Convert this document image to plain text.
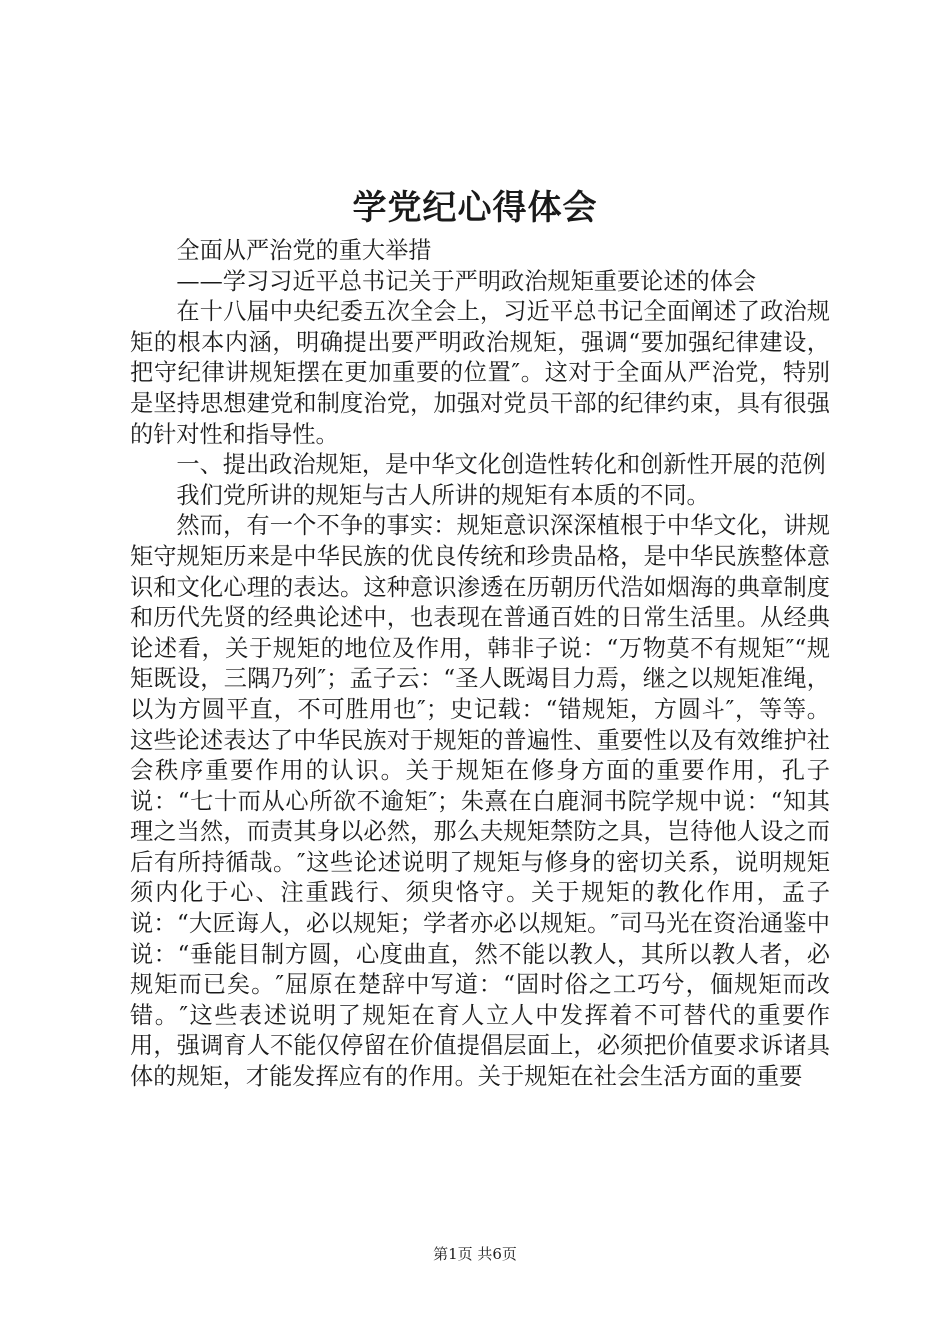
学党纪心得体会

全面从严治党的重大举措

——学习习近平总书记关于严明政治规矩重要论述的体会

在十八届中央纪委五次全会上，习近平总书记全面阐述了政治规矩的根本内涵，明确提出要严明政治规矩，强调“要加强纪律建设，把守纪律讲规矩摆在更加重要的位置″。这对于全面从严治党，特别是坚持思想建党和制度治党，加强对党员干部的纪律约束，具有很强的针对性和指导性。

一、提出政治规矩，是中华文化创造性转化和创新性开展的范例

我们党所讲的规矩与古人所讲的规矩有本质的不同。

然而，有一个不争的事实：规矩意识深深植根于中华文化，讲规矩守规矩历来是中华民族的优良传统和珍贵品格，是中华民族整体意识和文化心理的表达。这种意识渗透在历朝历代浩如烟海的典章制度和历代先贤的经典论述中，也表现在普通百姓的日常生活里。从经典论述看，关于规矩的地位及作用，韩非子说：“万物莫不有规矩″“规矩既设，三隅乃列″；孟子云：“圣人既竭目力焉，继之以规矩准绳，以为方圆平直，不可胜用也″；史记载：“错规矩，方圆斗″，等等。这些论述表达了中华民族对于规矩的普遍性、重要性以及有效维护社会秩序重要作用的认识。关于规矩在修身方面的重要作用，孔子说：“七十而从心所欲不逾矩″；朱熹在白鹿洞书院学规中说：“知其理之当然，而责其身以必然，那么夫规矩禁防之具，岂待他人设之而后有所持循哉。″这些论述说明了规矩与修身的密切关系，说明规矩须内化于心、注重践行、须臾恪守。关于规矩的教化作用，孟子说：“大匠诲人，必以规矩；学者亦必以规矩。″司马光在资治通鉴中说：“垂能目制方圆，心度曲直，然不能以教人，其所以教人者，必规矩而已矣。″屈原在楚辞中写道：“固时俗之工巧兮，偭规矩而改错。″这些表述说明了规矩在育人立人中发挥着不可替代的重要作用，强调育人不能仅停留在价值提倡层面上，必须把价值要求诉诸具体的规矩，才能发挥应有的作用。关于规矩在社会生活方面的重要

第1页 共6页
